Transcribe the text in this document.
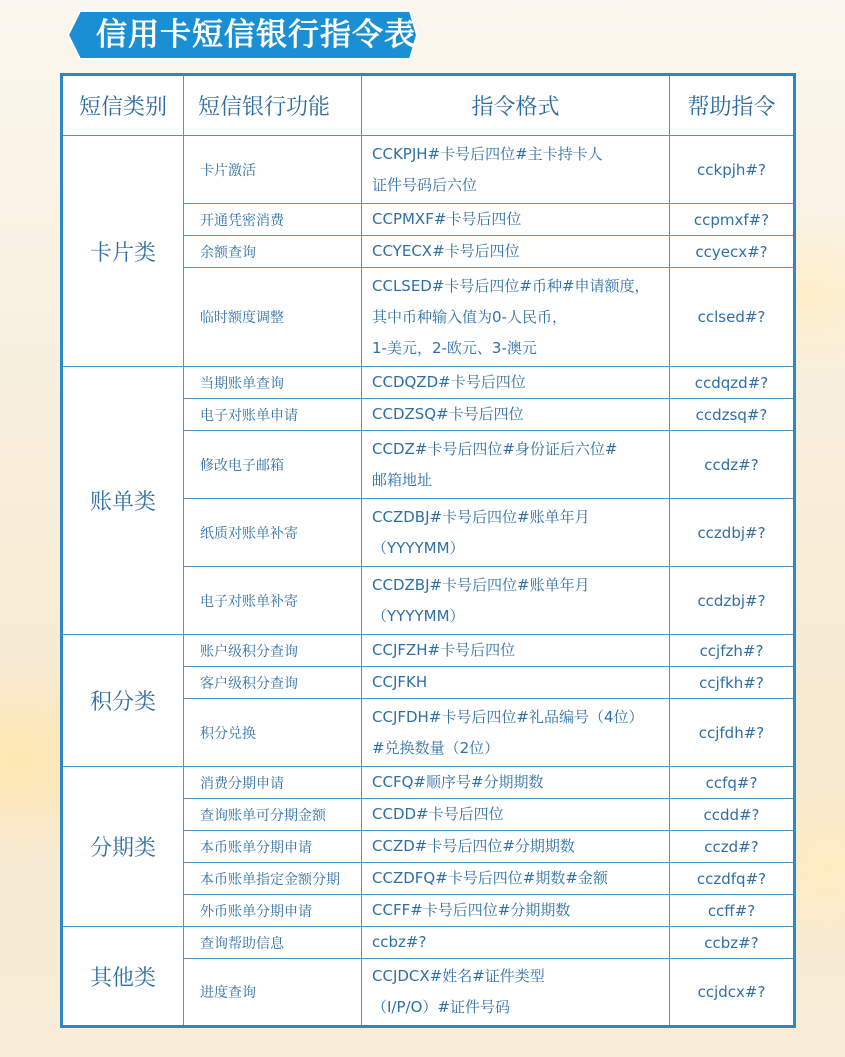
信用卡短信银行指令表
短信类别	短信银行功能	指令格式	帮助指令
卡片类	卡片激活	CCKPJH#卡号后四位#主卡持卡人
证件号码后六位	cckpjh#?
	开通凭密消费	CCPMXF#卡号后四位	ccpmxf#?
	余额查询	CCYECX#卡号后四位	ccyecx#?
	临时额度调整	CCLSED#卡号后四位#币种#申请额度，
其中币种输入值为0-人民币，
1-美元，2-欧元、3-澳元	cclsed#?
账单类	当期账单查询	CCDQZD#卡号后四位	ccdqzd#?
	电子对账单申请	CCDZSQ#卡号后四位	ccdzsq#?
	修改电子邮箱	CCDZ#卡号后四位#身份证后六位#
邮箱地址	ccdz#?
	纸质对账单补寄	CCZDBJ#卡号后四位#账单年月
（YYYYMM）	cczdbj#?
	电子对账单补寄	CCDZBJ#卡号后四位#账单年月
（YYYYMM）	ccdzbj#?
积分类	账户级积分查询	CCJFZH#卡号后四位	ccjfzh#?
	客户级积分查询	CCJFKH	ccjfkh#?
	积分兑换	CCJFDH#卡号后四位#礼品编号（4位）
#兑换数量（2位）	ccjfdh#?
分期类	消费分期申请	CCFQ#顺序号#分期期数	ccfq#?
	查询账单可分期金额	CCDD#卡号后四位	ccdd#?
	本币账单分期申请	CCZD#卡号后四位#分期期数	cczd#?
	本币账单指定金额分期	CCZDFQ#卡号后四位#期数#金额	cczdfq#?
	外币账单分期申请	CCFF#卡号后四位#分期期数	ccff#?
其他类	查询帮助信息	ccbz#?	ccbz#?
	进度查询	CCJDCX#姓名#证件类型
（I/P/O）#证件号码	ccjdcx#?
